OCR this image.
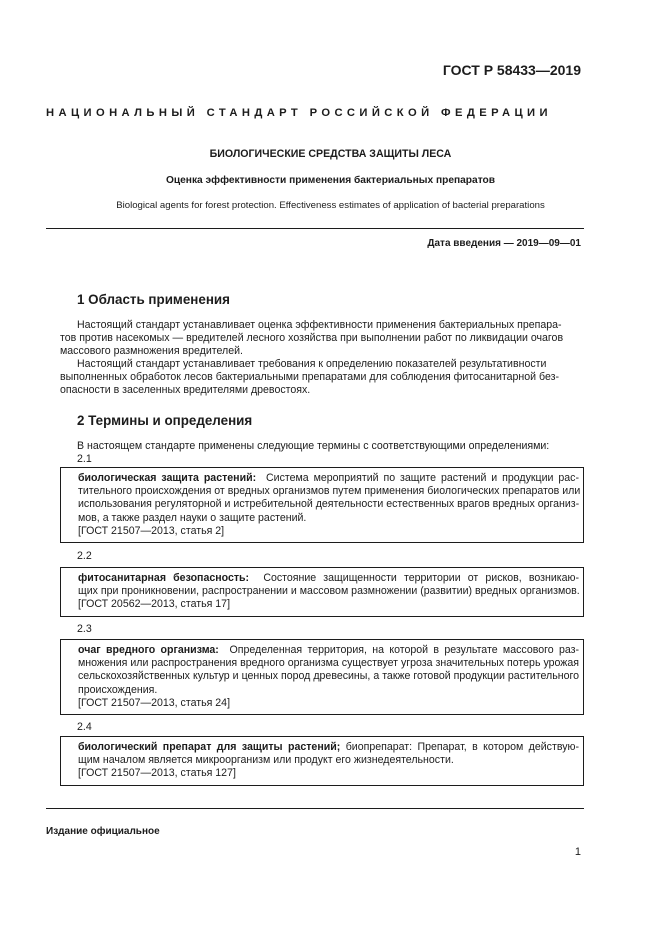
ГОСТ Р 58433—2019
НАЦИОНАЛЬНЫЙ СТАНДАРТ РОССИЙСКОЙ ФЕДЕРАЦИИ
БИОЛОГИЧЕСКИЕ СРЕДСТВА ЗАЩИТЫ ЛЕСА
Оценка эффективности применения бактериальных препаратов
Biological agents for forest protection. Effectiveness estimates of application of bacterial preparations
Дата введения — 2019—09—01
1 Область применения
Настоящий стандарт устанавливает оценка эффективности применения бактериальных препара-
тов против насекомых — вредителей лесного хозяйства при выполнении работ по ликвидации очагов
массового размножения вредителей.
Настоящий стандарт устанавливает требования к определению показателей результативности
выполненных обработок лесов бактериальными препаратами для соблюдения фитосанитарной без-
опасности в заселенных вредителями древостоях.
2 Термины и определения
В настоящем стандарте применены следующие термины с соответствующими определениями:
2.1
биологическая защита растений: Система мероприятий по защите растений и продукции рас-
тительного происхождения от вредных организмов путем применения биологических препаратов или
использования регуляторной и истребительной деятельности естественных врагов вредных организ-
мов, а также раздел науки о защите растений.
[ГОСТ 21507—2013, статья 2]
2.2
фитосанитарная безопасность: Состояние защищенности территории от рисков, возникаю-
щих при проникновении, распространении и массовом размножении (развитии) вредных организмов.
[ГОСТ 20562—2013, статья 17]
2.3
очаг вредного организма: Определенная территория, на которой в результате массового раз-
множения или распространения вредного организма существует угроза значительных потерь урожая
сельскохозяйственных культур и ценных пород древесины, а также готовой продукции растительного
происхождения.
[ГОСТ 21507—2013, статья 24]
2.4
биологический препарат для защиты растений; биопрепарат: Препарат, в котором действую-
щим началом является микроорганизм или продукт его жизнедеятельности.
[ГОСТ 21507—2013, статья 127]
Издание официальное
1
